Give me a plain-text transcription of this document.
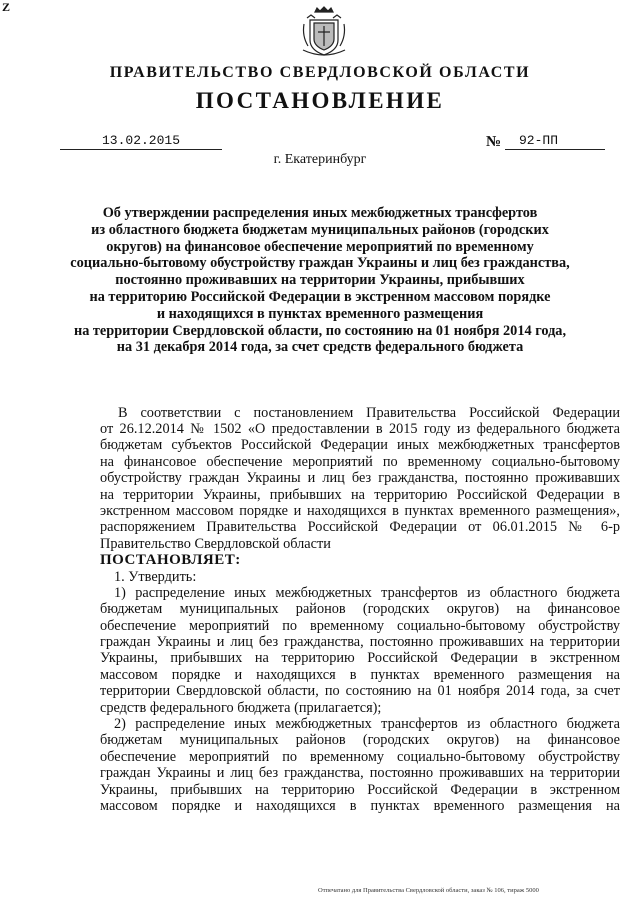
Z
ПРАВИТЕЛЬСТВО СВЕРДЛОВСКОЙ ОБЛАСТИ
ПОСТАНОВЛЕНИЕ
13.02.2015	№	92-ПП
г. Екатеринбург
Об утверждении распределения иных межбюджетных трансфертов
из областного бюджета бюджетам муниципальных районов (городских
округов) на финансовое обеспечение мероприятий по временному
социально-бытовому обустройству граждан Украины и лиц без гражданства,
постоянно проживавших на территории Украины, прибывших
на территорию Российской Федерации в экстренном массовом порядке
и находящихся в пунктах временного размещения
на территории Свердловской области, по состоянию на 01 ноября 2014 года,
на 31 декабря 2014 года, за счет средств федерального бюджета
В соответствии с постановлением Правительства Российской Федерации
от 26.12.2014 № 1502 «О предоставлении в 2015 году из федерального бюджета
бюджетам субъектов Российской Федерации иных межбюджетных трансфертов
на финансовое обеспечение мероприятий по временному социально-бытовому
обустройству граждан Украины и лиц без гражданства, постоянно проживавших
на территории Украины, прибывших на территорию Российской Федерации в
экстренном массовом порядке и находящихся в пунктах временного размещения»,
распоряжением Правительства Российской Федерации от 06.01.2015 № 6-р
Правительство Свердловской области
ПОСТАНОВЛЯЕТ:
1. Утвердить:
1) распределение иных межбюджетных трансфертов из областного бюджета
бюджетам муниципальных районов (городских округов) на финансовое
обеспечение мероприятий по временному социально-бытовому обустройству
граждан Украины и лиц без гражданства, постоянно проживавших на территории
Украины, прибывших на территорию Российской Федерации в экстренном
массовом порядке и находящихся в пунктах временного размещения на
территории Свердловской области, по состоянию на 01 ноября 2014 года, за счет
средств федерального бюджета (прилагается);
2) распределение иных межбюджетных трансфертов из областного бюджета
бюджетам муниципальных районов (городских округов) на финансовое
обеспечение мероприятий по временному социально-бытовому обустройству
граждан Украины и лиц без гражданства, постоянно проживавших на территории
Украины, прибывших на территорию Российской Федерации в экстренном
массовом порядке и находящихся в пунктах временного размещения на
Отпечатано для Правительства Свердловской области, заказ № 106, тираж 5000
